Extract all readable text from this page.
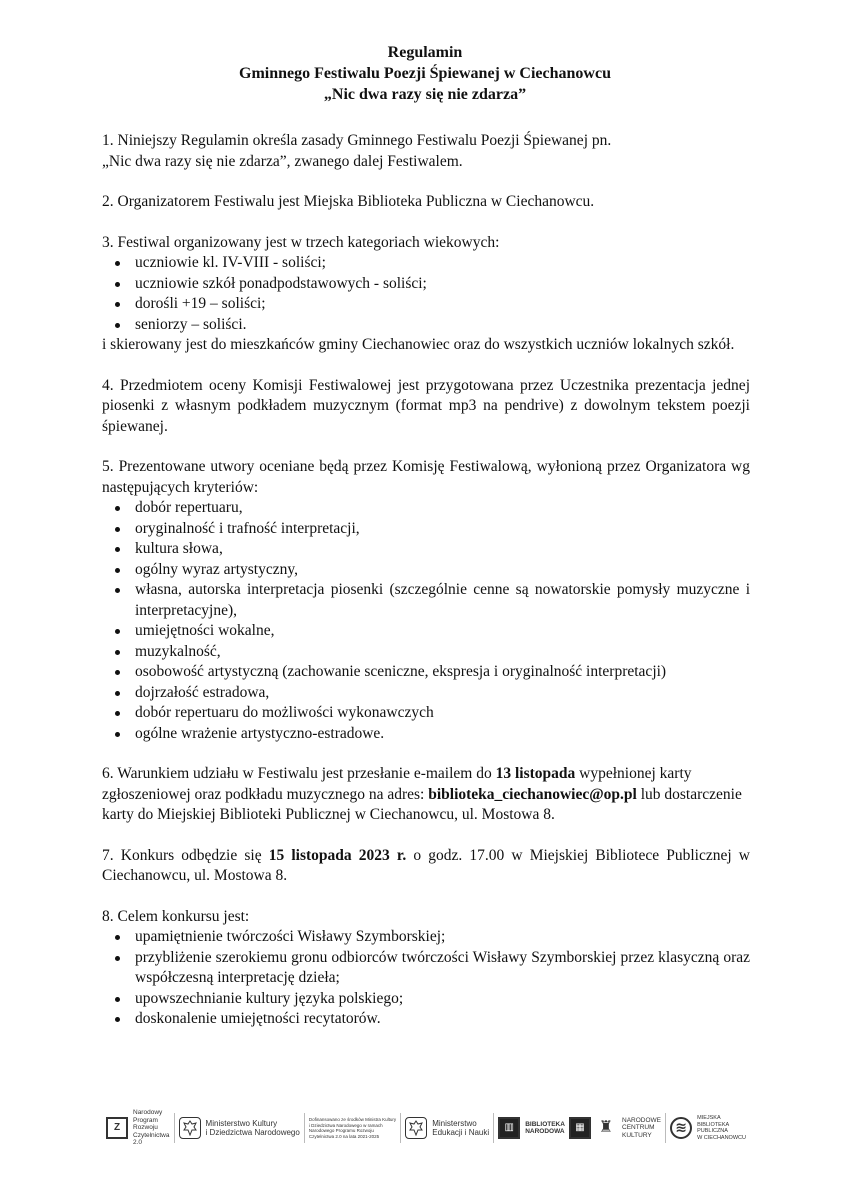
Regulamin
Gminnego Festiwalu Poezji Śpiewanej w Ciechanowcu
„Nic dwa razy się nie zdarza”
1. Niniejszy Regulamin określa zasady Gminnego Festiwalu Poezji Śpiewanej pn.
„Nic dwa razy się nie zdarza”, zwanego dalej Festiwalem.
2. Organizatorem Festiwalu jest Miejska Biblioteka Publiczna w Ciechanowcu.
3. Festiwal organizowany jest w trzech kategoriach wiekowych:
uczniowie kl. IV-VIII - soliści;
uczniowie szkół ponadpodstawowych - soliści;
dorośli +19 – soliści;
seniorzy – soliści.
i skierowany jest do mieszkańców gminy Ciechanowiec oraz do wszystkich uczniów lokalnych szkół.
4. Przedmiotem oceny Komisji Festiwalowej jest przygotowana przez Uczestnika prezentacja jednej piosenki z własnym podkładem muzycznym (format mp3 na pendrive) z dowolnym tekstem poezji śpiewanej.
5. Prezentowane utwory oceniane będą przez Komisję Festiwalową, wyłonioną przez Organizatora wg następujących kryteriów:
dobór repertuaru,
oryginalność i trafność interpretacji,
kultura słowa,
ogólny wyraz artystyczny,
własna, autorska interpretacja piosenki (szczególnie cenne są nowatorskie pomysły muzyczne i interpretacyjne),
umiejętności wokalne,
muzykalność,
osobowość artystyczną (zachowanie sceniczne, ekspresja i oryginalność interpretacji)
dojrzałość estradowa,
dobór repertuaru do możliwości wykonawczych
ogólne wrażenie artystyczno-estradowe.
6. Warunkiem udziału w Festiwalu jest przesłanie e-mailem do 13 listopada wypełnionej karty zgłoszeniowej oraz podkładu muzycznego na adres: biblioteka_ciechanowiec@op.pl lub dostarczenie karty do Miejskiej Biblioteki Publicznej w Ciechanowcu, ul. Mostowa 8.
7. Konkurs odbędzie się 15 listopada 2023 r. o godz. 17.00 w Miejskiej Bibliotece Publicznej w Ciechanowcu, ul. Mostowa 8.
8. Celem konkursu jest:
upamiętnienie twórczości Wisławy Szymborskiej;
przybliżenie szerokiemu gronu odbiorców twórczości Wisławy Szymborskiej przez klasyczną oraz współczesną interpretację dzieła;
upowszechnianie kultury języka polskiego;
doskonalenie umiejętności recytatorów.
Z
Narodowy
Program
Rozwoju
Czytelnictwa
2.0
Ministerstwo Kultury
i Dziedzictwa Narodowego
Dofinansowano ze środków Ministra Kultury
i Dziedzictwa Narodowego w ramach
Narodowego Programu Rozwoju
Czytelnictwa 2.0 na lata 2021-2025
Ministerstwo
Edukacji i Nauki	▥	BIBLIOTEKA
NARODOWA	▦ ♜	NARODOWE
CENTRUM
KULTURY	≋
MIEJSKA
BIBLIOTEKA
PUBLICZNA
W CIECHANOWCU
